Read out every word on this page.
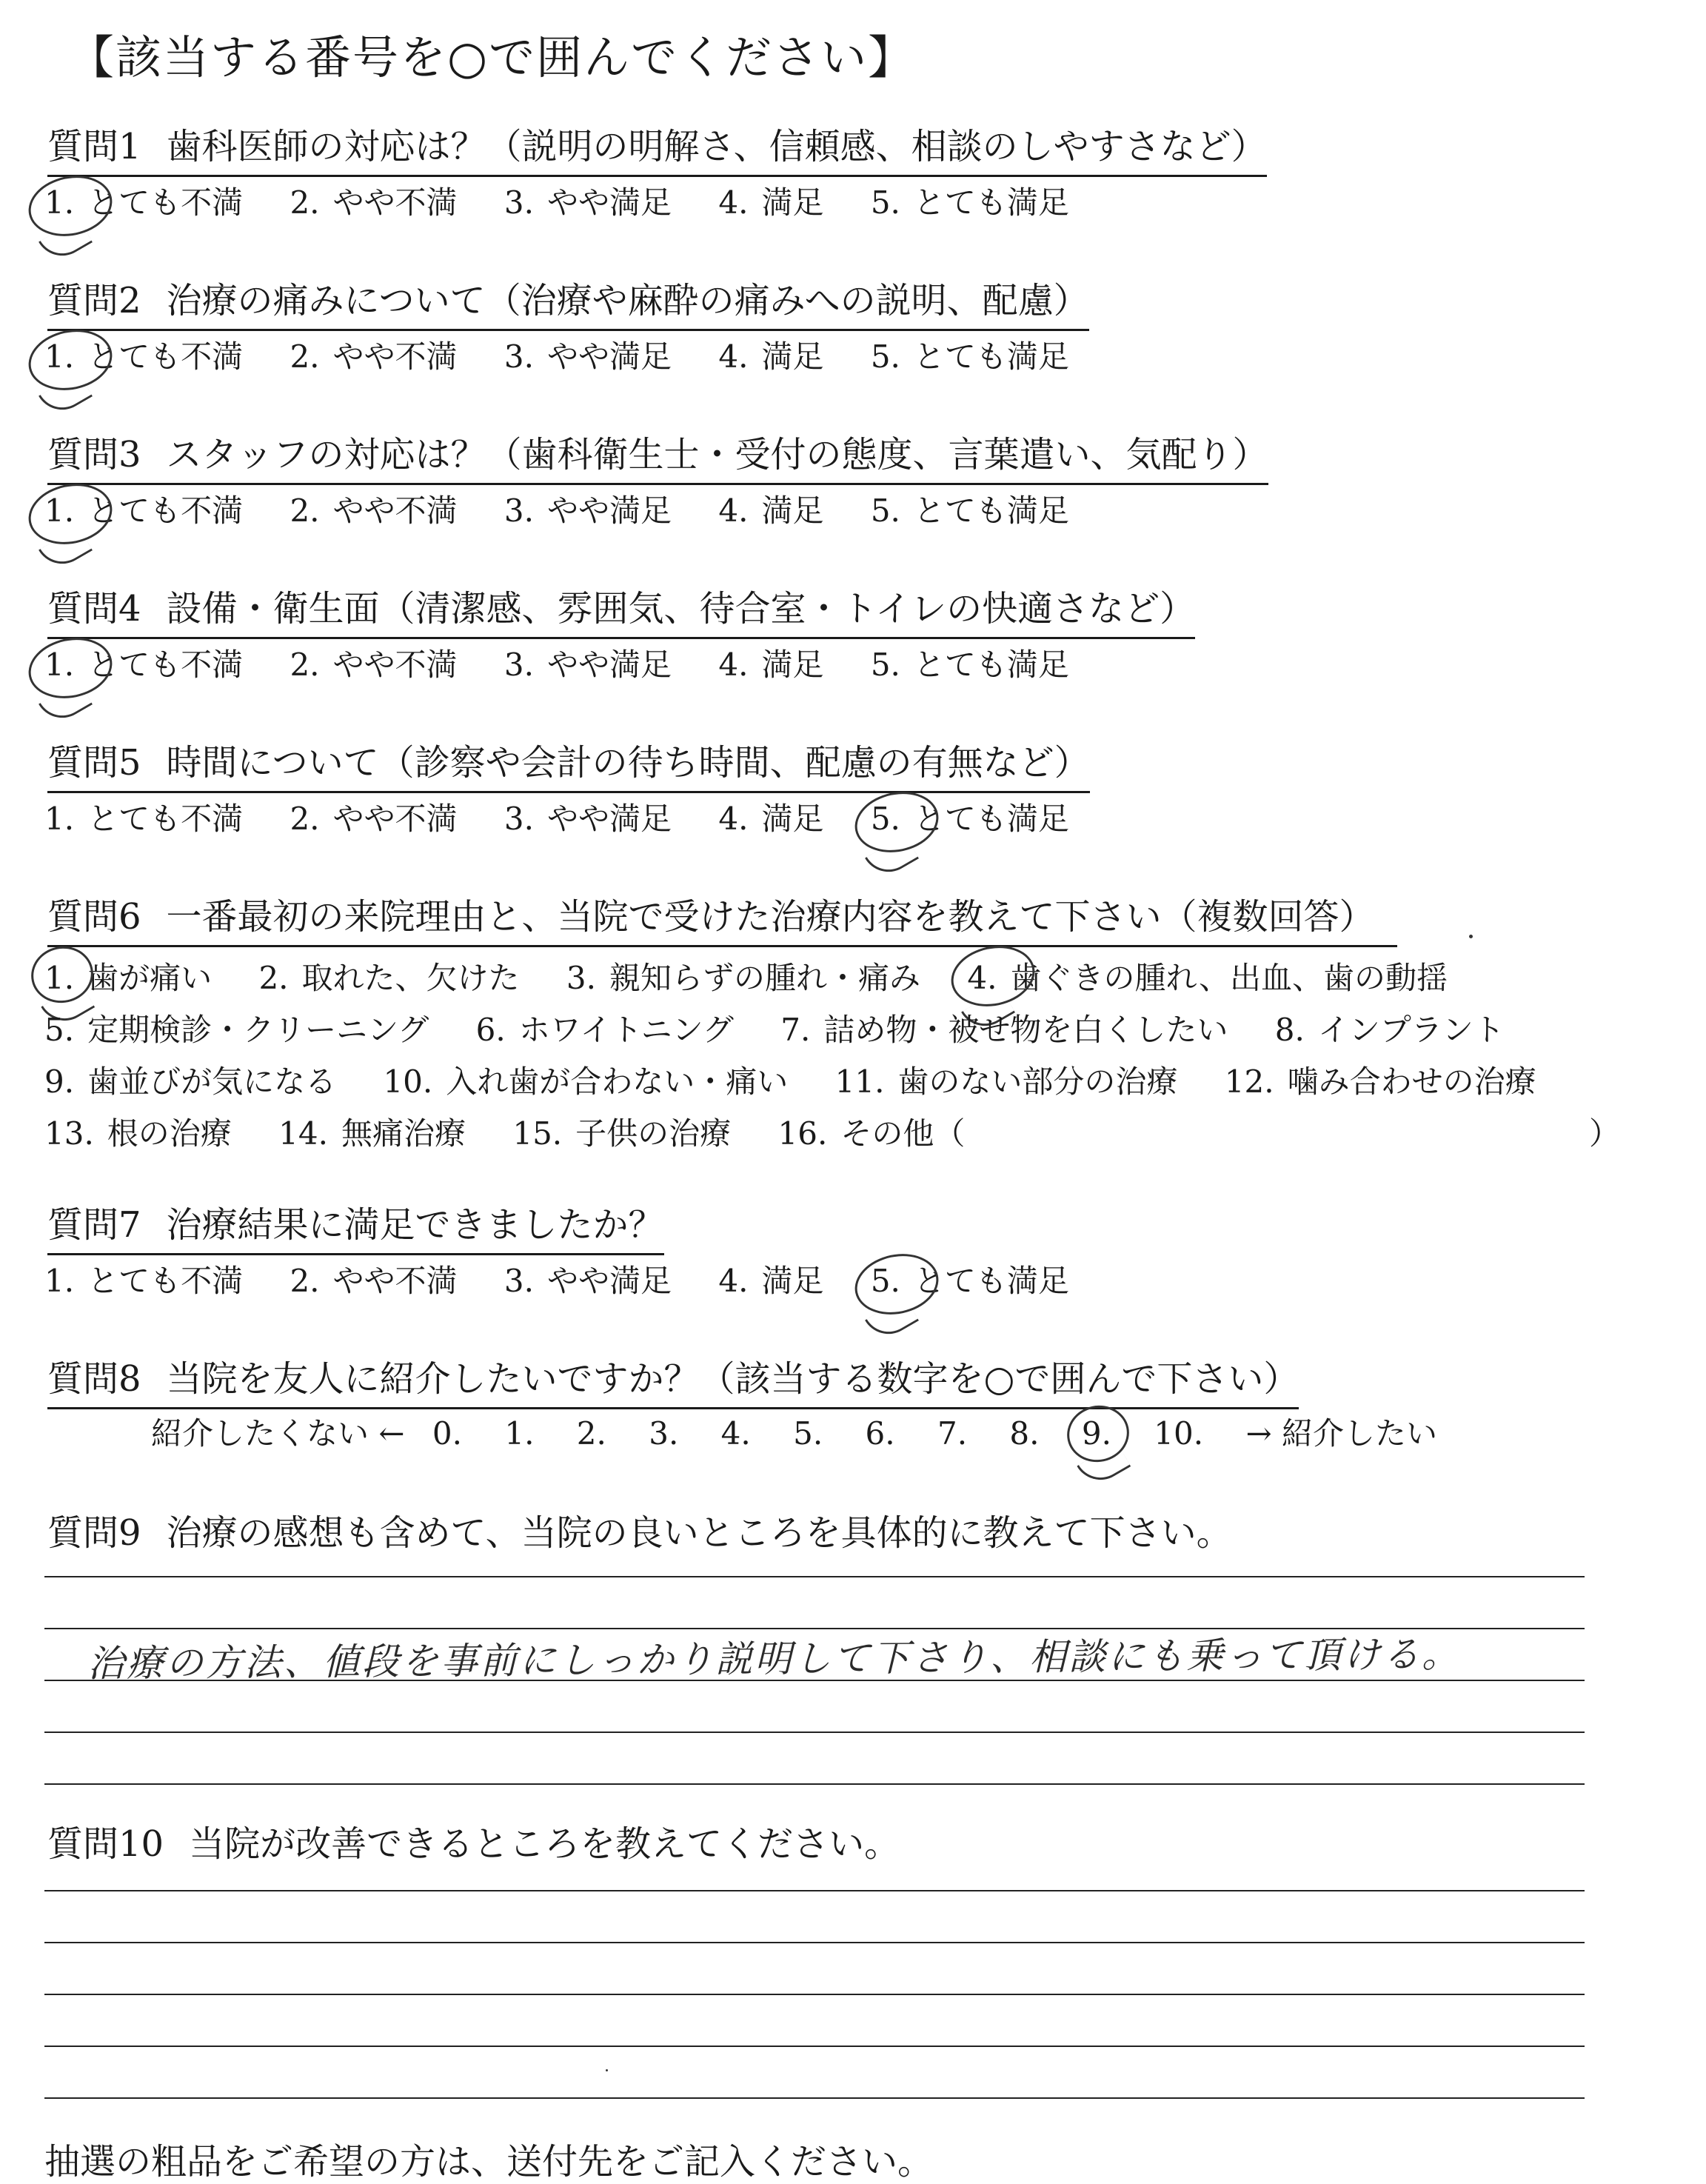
【該当する番号を○で囲んでください】
質問1 歯科医師の対応は？（説明の明解さ、信頼感、相談のしやすさなど）
1. とても不満 2. やや不満 3. やや満足 4. 満足 5. とても満足
質問2 治療の痛みについて（治療や麻酔の痛みへの説明、配慮）
1. とても不満 2. やや不満 3. やや満足 4. 満足 5. とても満足
質問3 スタッフの対応は？（歯科衛生士・受付の態度、言葉遣い、気配り）
1. とても不満 2. やや不満 3. やや満足 4. 満足 5. とても満足
質問4 設備・衛生面（清潔感、雰囲気、待合室・トイレの快適さなど）
1. とても不満 2. やや不満 3. やや満足 4. 満足 5. とても満足
質問5 時間について（診察や会計の待ち時間、配慮の有無など）
1. とても不満 2. やや不満 3. やや満足 4. 満足 5. とても満足
質問6 一番最初の来院理由と、当院で受けた治療内容を教えて下さい（複数回答）
1. 歯が痛い 2. 取れた、欠けた 3. 親知らずの腫れ・痛み 4. 歯ぐきの腫れ、出血、歯の動揺
5. 定期検診・クリーニング 6. ホワイトニング 7. 詰め物・被せ物を白くしたい 8. インプラント
9. 歯並びが気になる 10. 入れ歯が合わない・痛い 11. 歯のない部分の治療 12. 噛み合わせの治療
13. 根の治療 14. 無痛治療 15. 子供の治療 16. その他（	）
質問7 治療結果に満足できましたか？
1. とても不満 2. やや不満 3. やや満足 4. 満足 5. とても満足
質問8 当院を友人に紹介したいですか？（該当する数字を○で囲んで下さい）
紹介したくない ← 0. 1. 2. 3. 4. 5. 6. 7. 8. 9. 10. → 紹介したい
質問9 治療の感想も含めて、当院の良いところを具体的に教えて下さい。
治療の方法、値段を事前にしっかり説明して下さり、相談にも乗って頂ける。
質問10 当院が改善できるところを教えてください。
抽選の粗品をご希望の方は、送付先をご記入ください。
